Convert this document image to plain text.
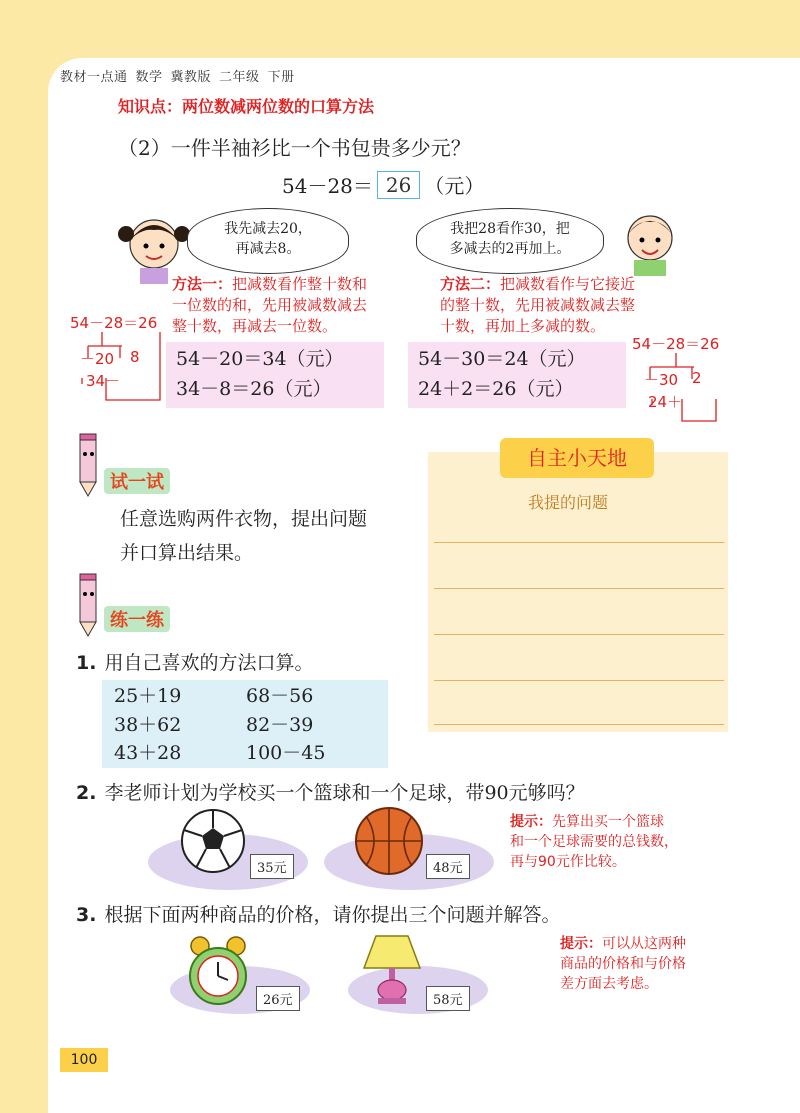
教材一点通 数学 冀教版 二年级 下册
知识点：两位数减两位数的口算方法
（2）一件半袖衫比一个书包贵多少元？
54－28＝ 26 （元）
我先减去20，
再减去8。
我把28看作30，把
多减去的2再加上。
方法一：把减数看作整十数和
一位数的和，先用被减数减去
整十数，再减去一位数。
方法二：把减数看作与它接近
的整十数，先用被减数减去整
十数，再加上多减的数。
54－20＝34（元）
34－8＝26（元）
54－30＝24（元）
24＋2＝26（元）
54－28＝26
－20 8
34－
54－28＝26
－30 2
24＋
试一试
任意选购两件衣物，提出问题
并口算出结果。
自主小天地
我提的问题
练一练
1. 用自己喜欢的方法口算。
25＋19	68－56
38＋62	82－39
43＋28	100－45
2. 李老师计划为学校买一个篮球和一个足球，带90元够吗？
35元	48元
提示：先算出买一个篮球
和一个足球需要的总钱数，
再与90元作比较。
3. 根据下面两种商品的价格，请你提出三个问题并解答。
26元	58元
提示：可以从这两种
商品的价格和与价格
差方面去考虑。
100
